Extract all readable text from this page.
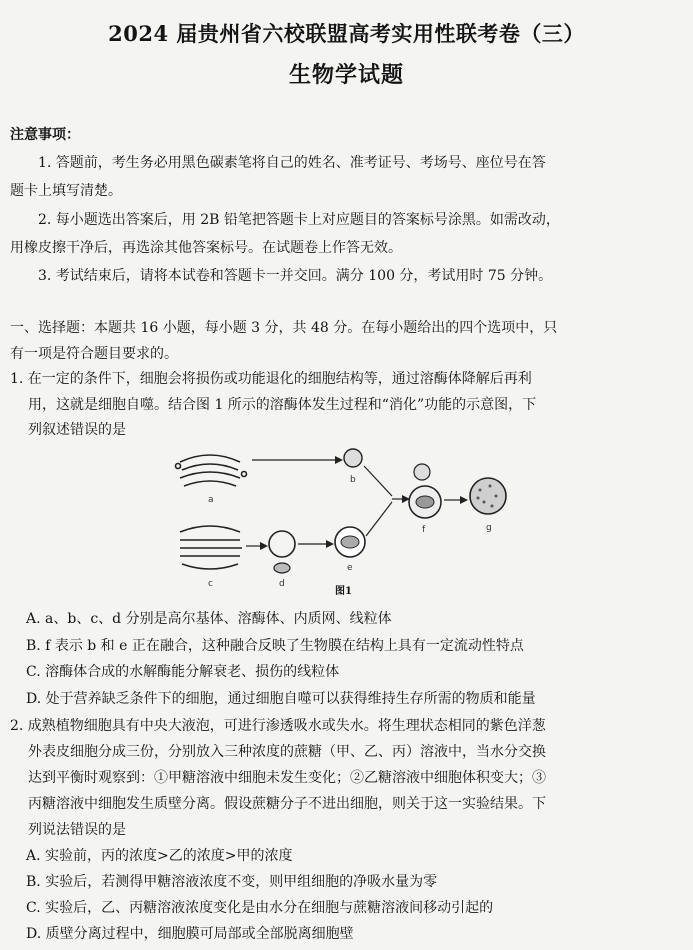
2024 届贵州省六校联盟高考实用性联考卷（三）
生物学试题
注意事项：
1. 答题前，考生务必用黑色碳素笔将自己的姓名、准考证号、考场号、座位号在答
题卡上填写清楚。
2. 每小题选出答案后，用 2B 铅笔把答题卡上对应题目的答案标号涂黑。如需改动，
用橡皮擦干净后，再选涂其他答案标号。在试题卷上作答无效。
3. 考试结束后，请将本试卷和答题卡一并交回。满分 100 分，考试用时 75 分钟。
一、选择题：本题共 16 小题，每小题 3 分，共 48 分。在每小题给出的四个选项中，只
有一项是符合题目要求的。
1. 在一定的条件下，细胞会将损伤或功能退化的细胞结构等，通过溶酶体降解后再利
用，这就是细胞自噬。结合图 1 所示的溶酶体发生过程和“消化”功能的示意图，下
列叙述错误的是
a
b
c	d
e
f	g
图1
A. a、b、c、d 分别是高尔基体、溶酶体、内质网、线粒体
B. f 表示 b 和 e 正在融合，这种融合反映了生物膜在结构上具有一定流动性特点
C. 溶酶体合成的水解酶能分解衰老、损伤的线粒体
D. 处于营养缺乏条件下的细胞，通过细胞自噬可以获得维持生存所需的物质和能量
2. 成熟植物细胞具有中央大液泡，可进行渗透吸水或失水。将生理状态相同的紫色洋葱
外表皮细胞分成三份，分别放入三种浓度的蔗糖（甲、乙、丙）溶液中，当水分交换
达到平衡时观察到：①甲糖溶液中细胞未发生变化；②乙糖溶液中细胞体积变大；③
丙糖溶液中细胞发生质壁分离。假设蔗糖分子不进出细胞，则关于这一实验结果。下
列说法错误的是
A. 实验前，丙的浓度>乙的浓度>甲的浓度
B. 实验后，若测得甲糖溶液浓度不变，则甲组细胞的净吸水量为零
C. 实验后，乙、丙糖溶液浓度变化是由水分在细胞与蔗糖溶液间移动引起的
D. 质壁分离过程中，细胞膜可局部或全部脱离细胞壁
